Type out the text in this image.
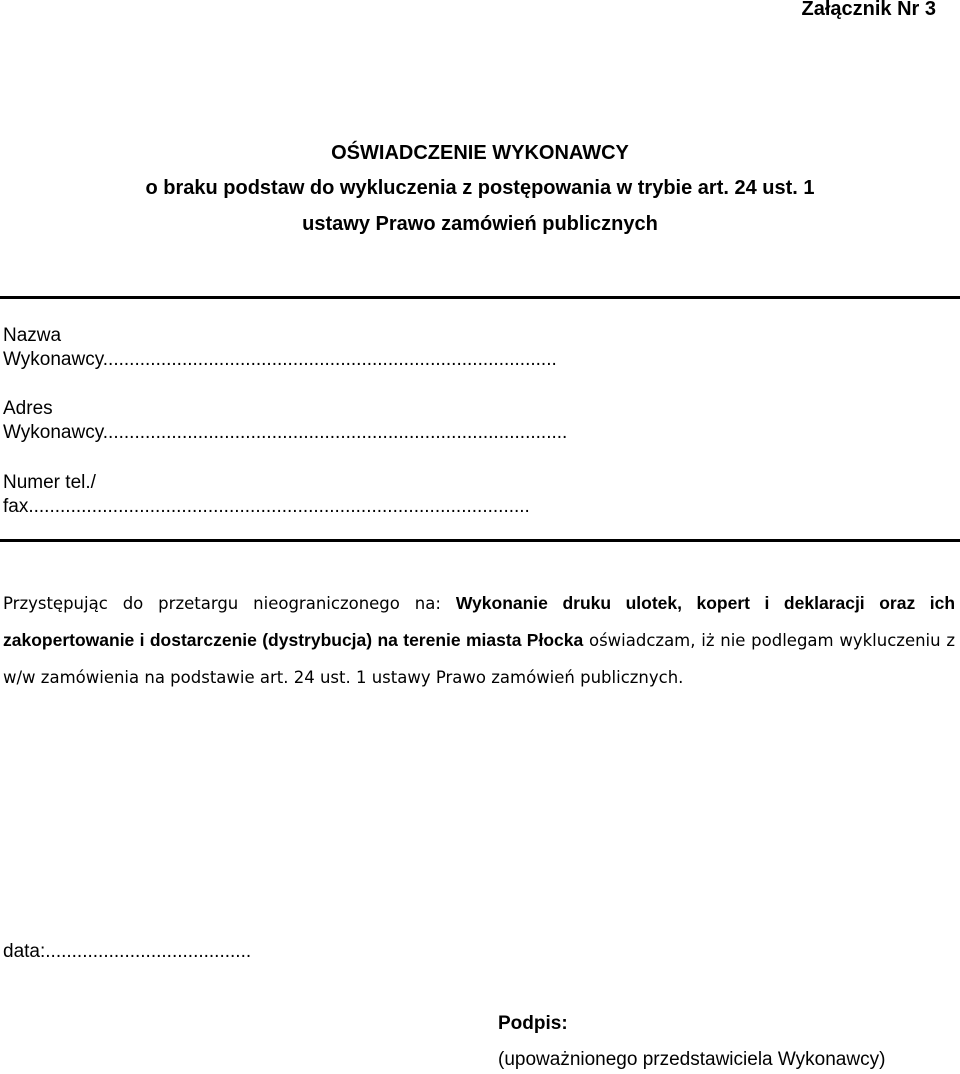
Załącznik Nr 3
OŚWIADCZENIE WYKONAWCY
o braku podstaw do wykluczenia z postępowania w trybie art. 24 ust. 1
ustawy Prawo zamówień publicznych
Nazwa
Wykonawcy......................................................................................
Adres
Wykonawcy........................................................................................
Numer tel./
fax...............................................................................................
Przystępując do przetargu nieograniczonego na: Wykonanie druku ulotek, kopert i deklaracji oraz ich zakopertowanie i dostarczenie (dystrybucja) na terenie miasta Płocka oświadczam, iż nie podlegam wykluczeniu z w/w zamówienia na podstawie art. 24 ust. 1 ustawy Prawo zamówień publicznych.
data:.......................................
Podpis:
(upoważnionego przedstawiciela Wykonawcy)
